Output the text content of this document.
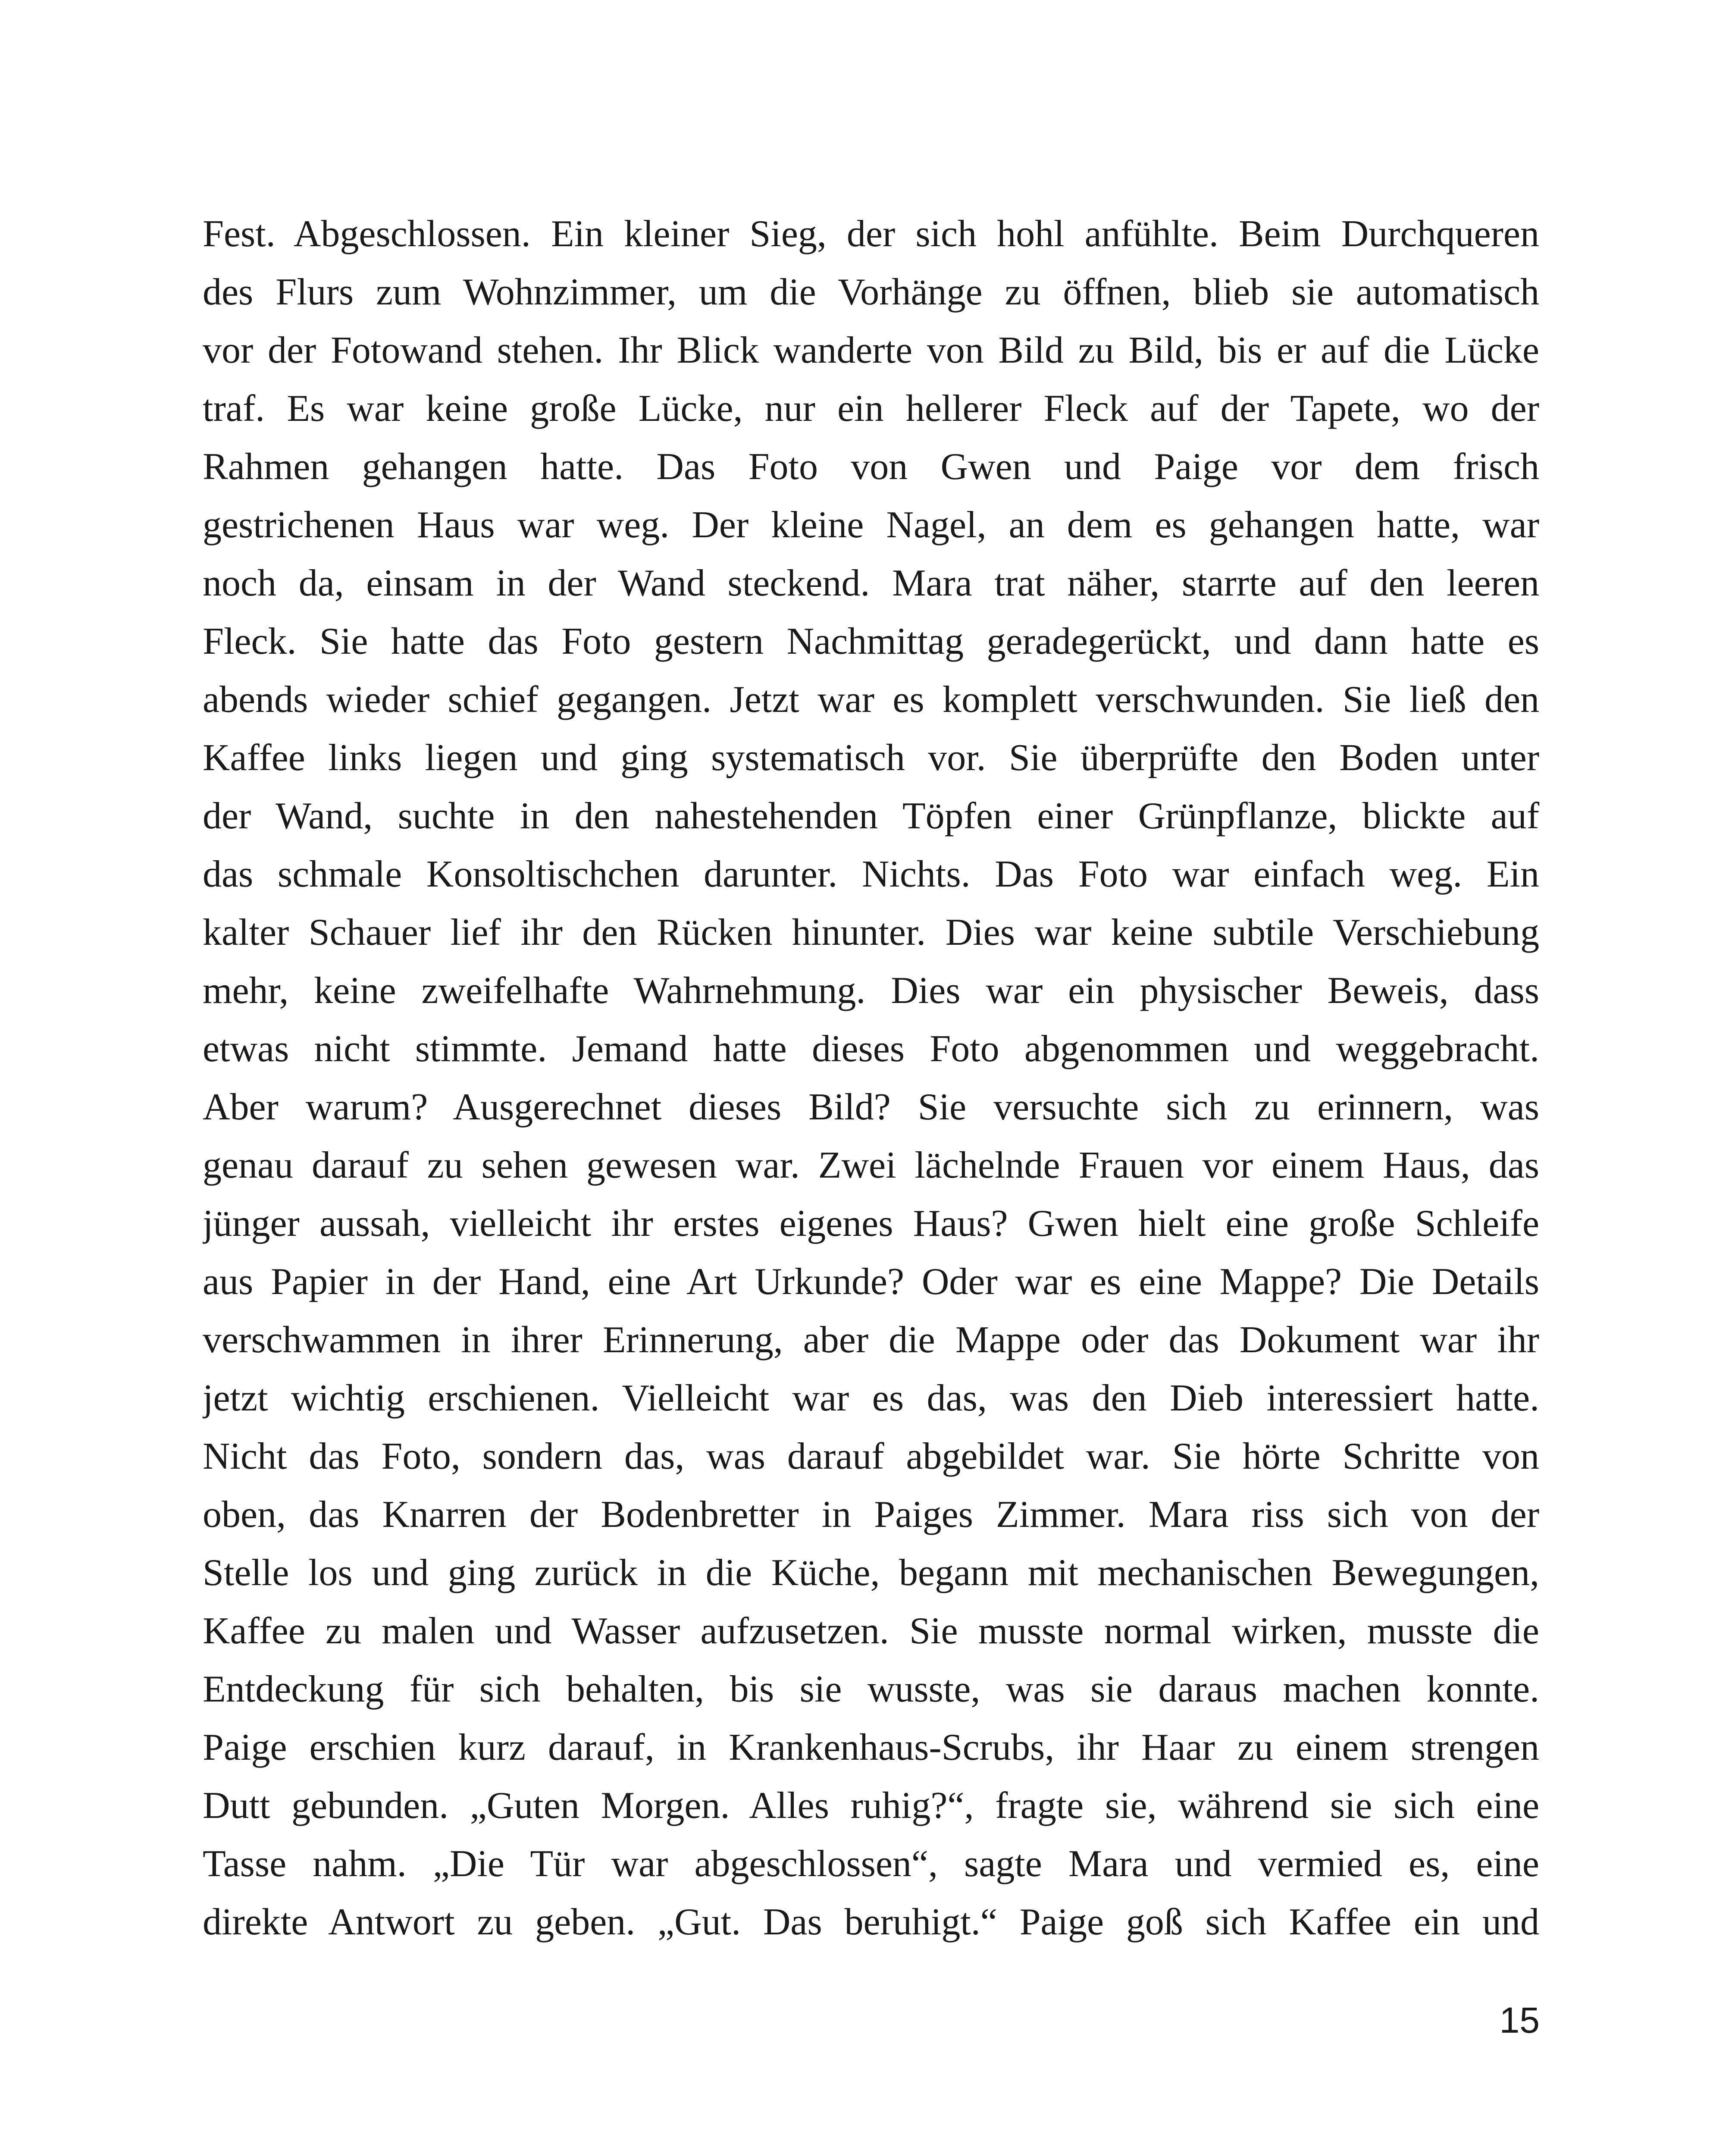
Fest. Abgeschlossen. Ein kleiner Sieg, der sich hohl anfühlte. Beim Durchqueren
des Flurs zum Wohnzimmer, um die Vorhänge zu öffnen, blieb sie automatisch
vor der Fotowand stehen. Ihr Blick wanderte von Bild zu Bild, bis er auf die Lücke
traf. Es war keine große Lücke, nur ein hellerer Fleck auf der Tapete, wo der
Rahmen gehangen hatte. Das Foto von Gwen und Paige vor dem frisch
gestrichenen Haus war weg. Der kleine Nagel, an dem es gehangen hatte, war
noch da, einsam in der Wand steckend. Mara trat näher, starrte auf den leeren
Fleck. Sie hatte das Foto gestern Nachmittag geradegerückt, und dann hatte es
abends wieder schief gegangen. Jetzt war es komplett verschwunden. Sie ließ den
Kaffee links liegen und ging systematisch vor. Sie überprüfte den Boden unter
der Wand, suchte in den nahestehenden Töpfen einer Grünpflanze, blickte auf
das schmale Konsoltischchen darunter. Nichts. Das Foto war einfach weg. Ein
kalter Schauer lief ihr den Rücken hinunter. Dies war keine subtile Verschiebung
mehr, keine zweifelhafte Wahrnehmung. Dies war ein physischer Beweis, dass
etwas nicht stimmte. Jemand hatte dieses Foto abgenommen und weggebracht.
Aber warum? Ausgerechnet dieses Bild? Sie versuchte sich zu erinnern, was
genau darauf zu sehen gewesen war. Zwei lächelnde Frauen vor einem Haus, das
jünger aussah, vielleicht ihr erstes eigenes Haus? Gwen hielt eine große Schleife
aus Papier in der Hand, eine Art Urkunde? Oder war es eine Mappe? Die Details
verschwammen in ihrer Erinnerung, aber die Mappe oder das Dokument war ihr
jetzt wichtig erschienen. Vielleicht war es das, was den Dieb interessiert hatte.
Nicht das Foto, sondern das, was darauf abgebildet war. Sie hörte Schritte von
oben, das Knarren der Bodenbretter in Paiges Zimmer. Mara riss sich von der
Stelle los und ging zurück in die Küche, begann mit mechanischen Bewegungen,
Kaffee zu malen und Wasser aufzusetzen. Sie musste normal wirken, musste die
Entdeckung für sich behalten, bis sie wusste, was sie daraus machen konnte.
Paige erschien kurz darauf, in Krankenhaus-Scrubs, ihr Haar zu einem strengen
Dutt gebunden. „Guten Morgen. Alles ruhig?“, fragte sie, während sie sich eine
Tasse nahm. „Die Tür war abgeschlossen“, sagte Mara und vermied es, eine
direkte Antwort zu geben. „Gut. Das beruhigt.“ Paige goß sich Kaffee ein und
15
